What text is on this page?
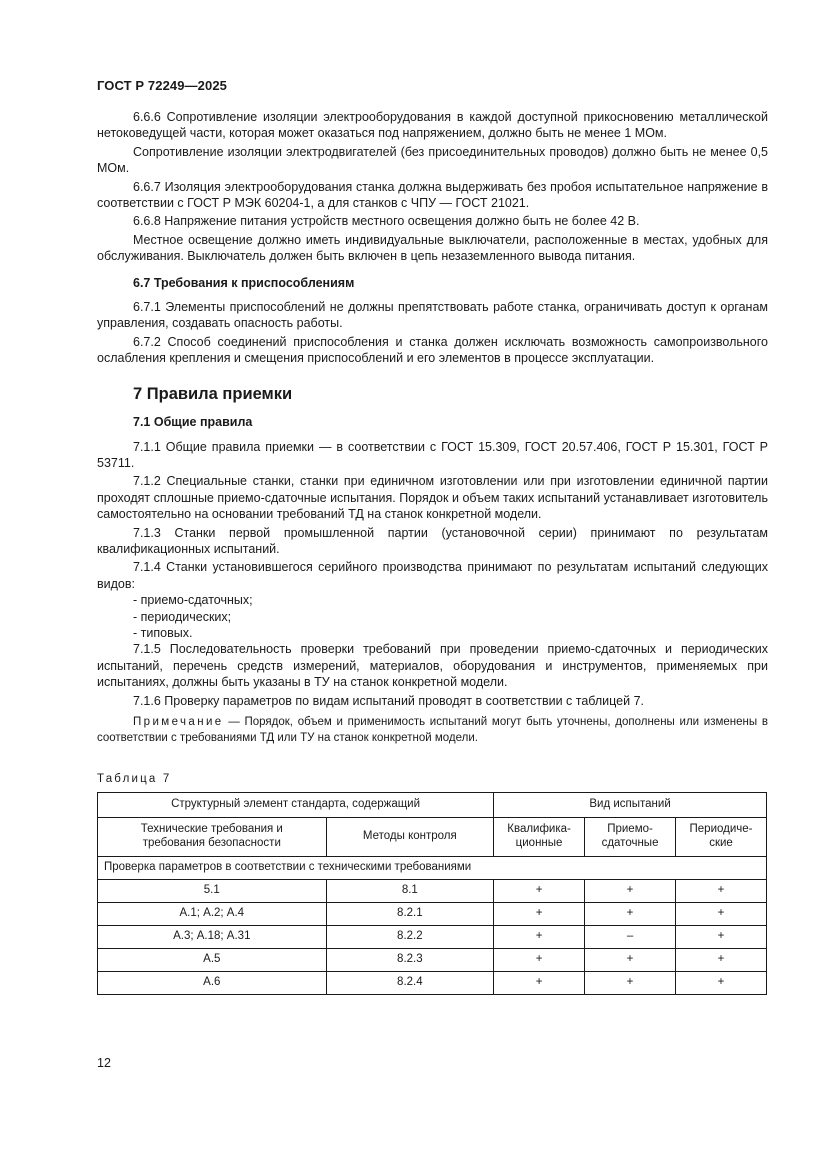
ГОСТ Р 72249—2025

6.6.6 Сопротивление изоляции электрооборудования в каждой доступной прикосновению металлической нетоковедущей части, которая может оказаться под напряжением, должно быть не менее 1 МОм.

Сопротивление изоляции электродвигателей (без присоединительных проводов) должно быть не менее 0,5 МОм.

6.6.7 Изоляция электрооборудования станка должна выдерживать без пробоя испытательное напряжение в соответствии с ГОСТ Р МЭК 60204-1, а для станков с ЧПУ — ГОСТ 21021.

6.6.8 Напряжение питания устройств местного освещения должно быть не более 42 В.

Местное освещение должно иметь индивидуальные выключатели, расположенные в местах, удобных для обслуживания. Выключатель должен быть включен в цепь незаземленного вывода питания.

6.7 Требования к приспособлениям

6.7.1 Элементы приспособлений не должны препятствовать работе станка, ограничивать доступ к органам управления, создавать опасность работы.

6.7.2 Способ соединений приспособления и станка должен исключать возможность самопроизвольного ослабления крепления и смещения приспособлений и его элементов в процессе эксплуатации.

7 Правила приемки
7.1 Общие правила

7.1.1 Общие правила приемки — в соответствии с ГОСТ 15.309, ГОСТ 20.57.406, ГОСТ Р 15.301, ГОСТ Р 53711.

7.1.2 Специальные станки, станки при единичном изготовлении или при изготовлении единичной партии проходят сплошные приемо-сдаточные испытания. Порядок и объем таких испытаний устанавливает изготовитель самостоятельно на основании требований ТД на станок конкретной модели.

7.1.3 Станки первой промышленной партии (установочной серии) принимают по результатам квалификационных испытаний.

7.1.4 Станки установившегося серийного производства принимают по результатам испытаний следующих видов:

- приемо-сдаточных;
- периодических;
- типовых.

7.1.5 Последовательность проверки требований при проведении приемо-сдаточных и периодических испытаний, перечень средств измерений, материалов, оборудования и инструментов, применяемых при испытаниях, должны быть указаны в ТУ на станок конкретной модели.

7.1.6 Проверку параметров по видам испытаний проводят в соответствии с таблицей 7.

Примечание — Порядок, объем и применимость испытаний могут быть уточнены, дополнены или изменены в соответствии с требованиями ТД или ТУ на станок конкретной модели.

Таблица 7
Структурный элемент стандарта, содержащий		Вид испытаний		
Технические требования и требования безопасности	Методы контроля	Квалифика-ционные	Приемо-сдаточные	Периодиче-ские
Проверка параметров в соответствии с техническими требованиями				
5.1	8.1	+	+	+
А.1; А.2; А.4	8.2.1	+	+	+
А.3; А.18; А.31	8.2.2	+	–	+
А.5	8.2.3	+	+	+
А.6	8.2.4	+	+	+
12
